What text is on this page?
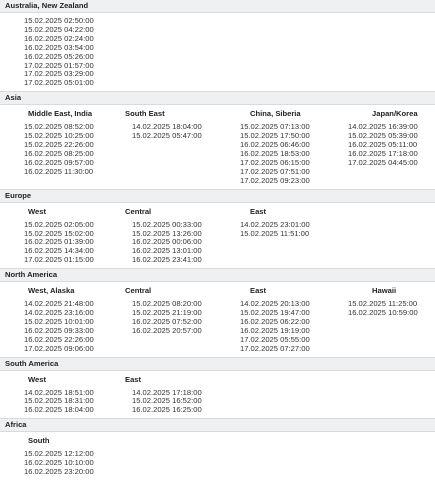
Australia, New Zealand
15.02.2025 02:50:00
15.02.2025 04:22:00
16.02.2025 02:24:00
16.02.2025 03:54:00
16.02.2025 05:26:00
17.02.2025 01:57:00
17.02.2025 03:29:00
17.02.2025 05:01:00
Asia
Middle East, India
15.02.2025 08:52:00
15.02.2025 10:25:00
15.02.2025 22:26:00
16.02.2025 08:25:00
16.02.2025 09:57:00
16.02.2025 11:30:00
South East
14.02.2025 18:04:00
15.02.2025 05:47:00
China, Siberia
15.02.2025 07:13:00
15.02.2025 17:50:00
16.02.2025 06:46:00
16.02.2025 18:53:00
17.02.2025 06:15:00
17.02.2025 07:51:00
17.02.2025 09:23:00
Japan/Korea
14.02.2025 16:39:00
15.02.2025 05:39:00
16.02.2025 05:11:00
16.02.2025 17:18:00
17.02.2025 04:45:00
Europe
West
15.02.2025 02:05:00
15.02.2025 15:02:00
16.02.2025 01:39:00
16.02.2025 14:34:00
17.02.2025 01:15:00
Central
15.02.2025 00:33:00
15.02.2025 13:26:00
16.02.2025 00:06:00
16.02.2025 13:01:00
16.02.2025 23:41:00
East
14.02.2025 23:01:00
15.02.2025 11:51:00
North America
West, Alaska
14.02.2025 21:48:00
14.02.2025 23:16:00
15.02.2025 10:01:00
16.02.2025 09:33:00
16.02.2025 22:26:00
17.02.2025 09:06:00
Central
15.02.2025 08:20:00
15.02.2025 21:19:00
16.02.2025 07:52:00
16.02.2025 20:57:00
East
14.02.2025 20:13:00
15.02.2025 19:47:00
16.02.2025 06:22:00
16.02.2025 19:19:00
17.02.2025 05:55:00
17.02.2025 07:27:00
Hawaii
15.02.2025 11:25:00
16.02.2025 10:59:00
South America
West
14.02.2025 18:51:00
15.02.2025 18:31:00
16.02.2025 18:04:00
East
14.02.2025 17:18:00
15.02.2025 16:52:00
16.02.2025 16:25:00
Africa
South
15.02.2025 12:12:00
16.02.2025 10:10:00
16.02.2025 23:20:00
